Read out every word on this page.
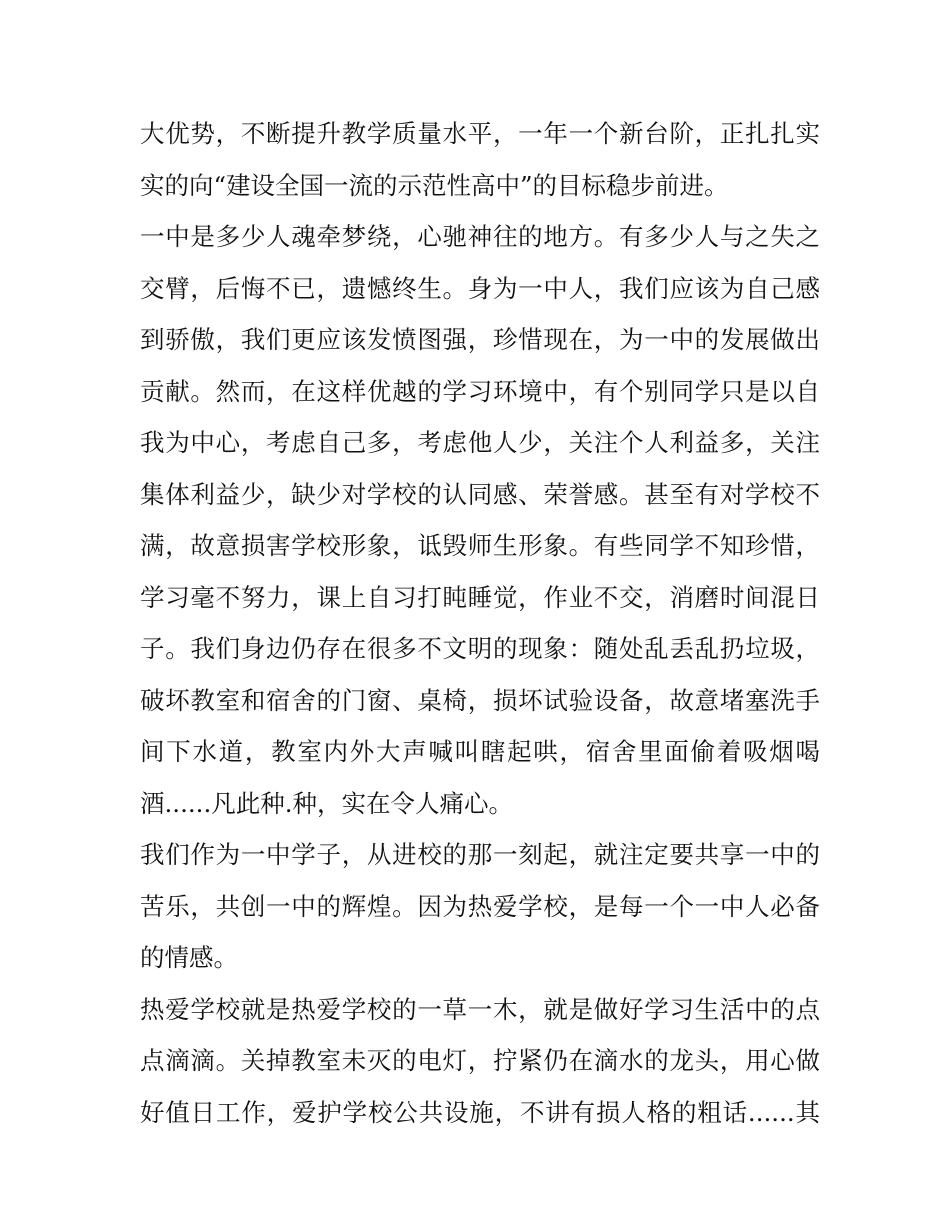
大优势，不断提升教学质量水平，一年一个新台阶，正扎扎实
实的向“建设全国一流的示范性高中”的目标稳步前进。
一中是多少人魂牵梦绕，心驰神往的地方。有多少人与之失之
交臂，后悔不已，遗憾终生。身为一中人，我们应该为自己感
到骄傲，我们更应该发愤图强，珍惜现在，为一中的发展做出
贡献。然而，在这样优越的学习环境中，有个别同学只是以自
我为中心，考虑自己多，考虑他人少，关注个人利益多，关注
集体利益少，缺少对学校的认同感、荣誉感。甚至有对学校不
满，故意损害学校形象，诋毁师生形象。有些同学不知珍惜，
学习毫不努力，课上自习打盹睡觉，作业不交，消磨时间混日
子。我们身边仍存在很多不文明的现象：随处乱丢乱扔垃圾，
破坏教室和宿舍的门窗、桌椅，损坏试验设备，故意堵塞洗手
间下水道，教室内外大声喊叫瞎起哄，宿舍里面偷着吸烟喝
酒......凡此种.种，实在令人痛心。
我们作为一中学子，从进校的那一刻起，就注定要共享一中的
苦乐，共创一中的辉煌。因为热爱学校，是每一个一中人必备
的情感。
热爱学校就是热爱学校的一草一木，就是做好学习生活中的点
点滴滴。关掉教室未灭的电灯，拧紧仍在滴水的龙头，用心做
好值日工作，爱护学校公共设施，不讲有损人格的粗话......其
